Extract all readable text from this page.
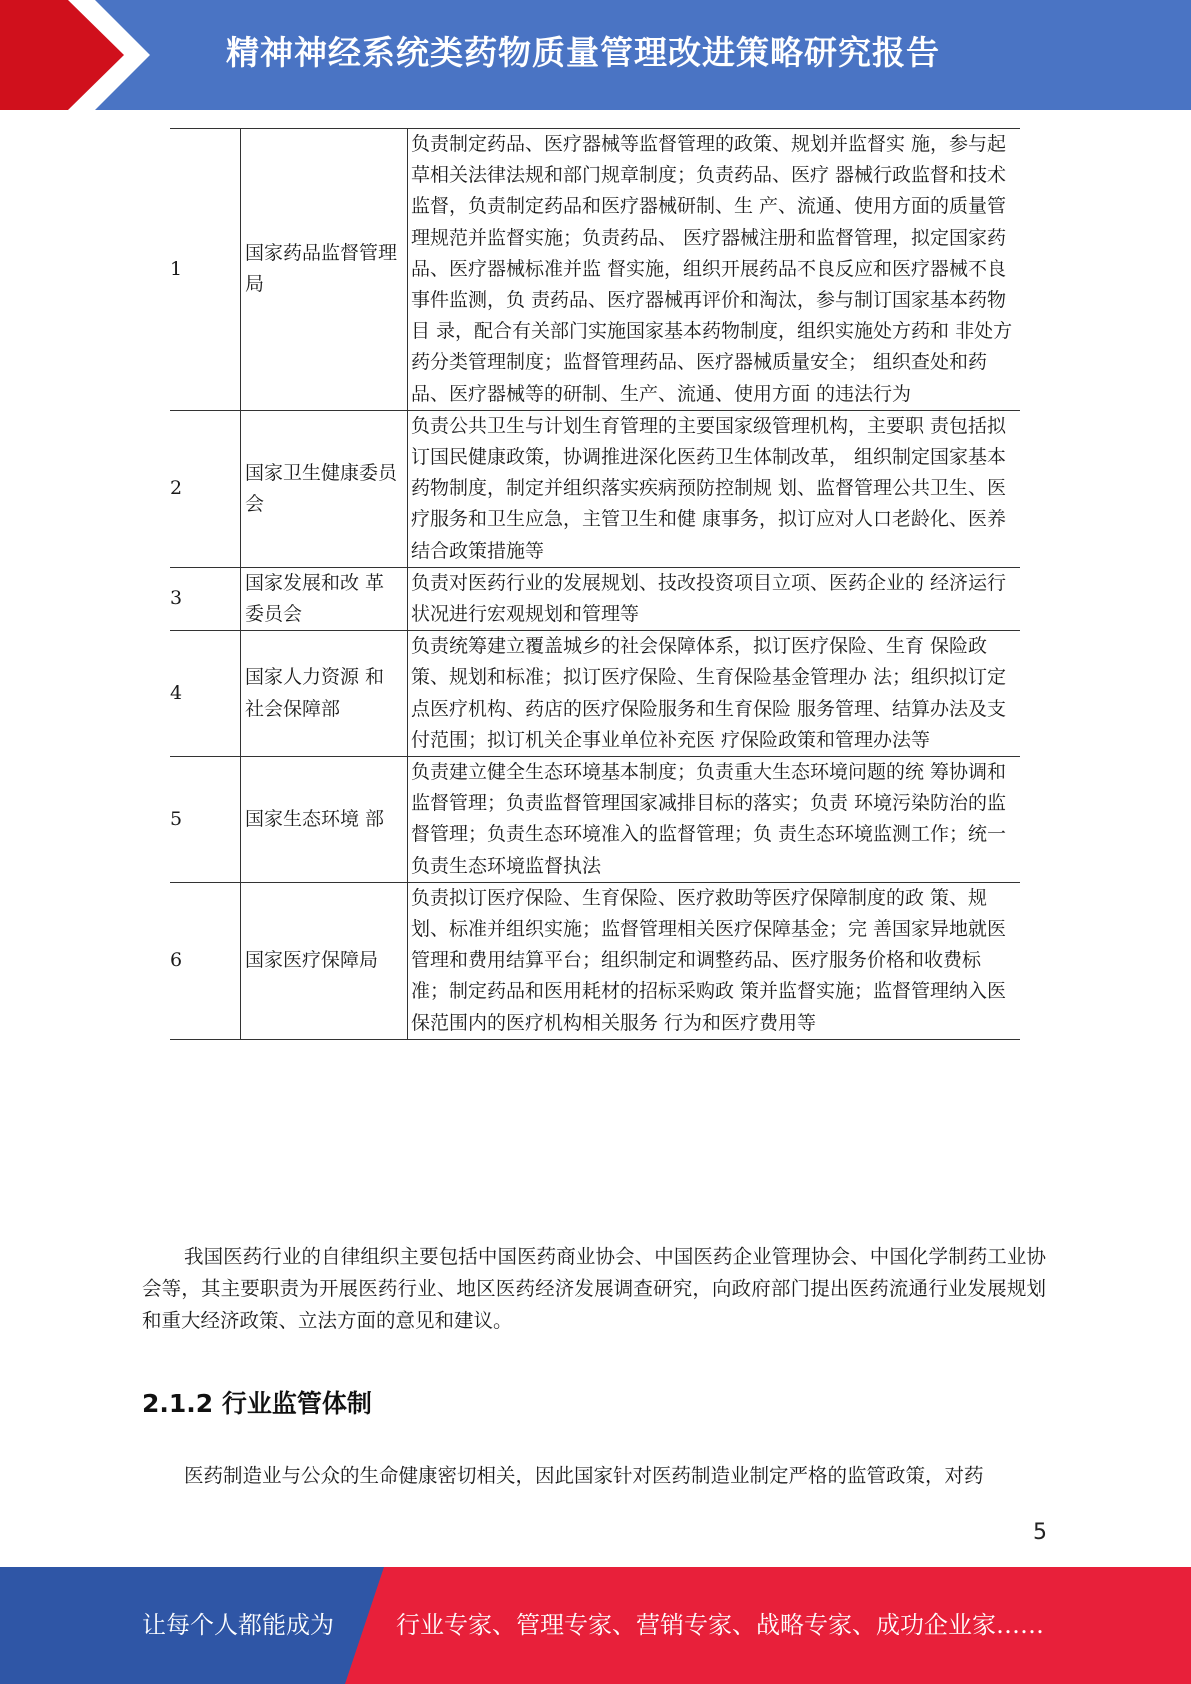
精神神经系统类药物质量管理改进策略研究报告
1	国家药品监督管理局	负责制定药品、医疗器械等监督管理的政策、规划并监督实 施，参与起草相关法律法规和部门规章制度；负责药品、医疗 器械行政监督和技术监督，负责制定药品和医疗器械研制、生 产、流通、使用方面的质量管理规范并监督实施；负责药品、 医疗器械注册和监督管理，拟定国家药品、医疗器械标准并监 督实施，组织开展药品不良反应和医疗器械不良事件监测，负 责药品、医疗器械再评价和淘汰，参与制订国家基本药物目 录，配合有关部门实施国家基本药物制度，组织实施处方药和 非处方药分类管理制度；监督管理药品、医疗器械质量安全； 组织查处和药品、医疗器械等的研制、生产、流通、使用方面 的违法行为
2	国家卫生健康委员会	负责公共卫生与计划生育管理的主要国家级管理机构，主要职 责包括拟订国民健康政策，协调推进深化医药卫生体制改革， 组织制定国家基本药物制度，制定并组织落实疾病预防控制规 划、监督管理公共卫生、医疗服务和卫生应急，主管卫生和健 康事务，拟订应对人口老龄化、医养结合政策措施等
3	国家发展和改 革委员会	负责对医药行业的发展规划、技改投资项目立项、医药企业的 经济运行状况进行宏观规划和管理等
4	国家人力资源 和社会保障部	负责统筹建立覆盖城乡的社会保障体系，拟订医疗保险、生育 保险政策、规划和标准；拟订医疗保险、生育保险基金管理办 法；组织拟订定点医疗机构、药店的医疗保险服务和生育保险 服务管理、结算办法及支付范围；拟订机关企事业单位补充医 疗保险政策和管理办法等
5	国家生态环境 部	负责建立健全生态环境基本制度；负责重大生态环境问题的统 筹协调和监督管理；负责监督管理国家减排目标的落实；负责 环境污染防治的监督管理；负责生态环境准入的监督管理；负 责生态环境监测工作；统一负责生态环境监督执法
6	国家医疗保障局	负责拟订医疗保险、生育保险、医疗救助等医疗保障制度的政 策、规划、标准并组织实施；监督管理相关医疗保障基金；完 善国家异地就医管理和费用结算平台；组织制定和调整药品、医疗服务价格和收费标准；制定药品和医用耗材的招标采购政 策并监督实施；监督管理纳入医保范围内的医疗机构相关服务 行为和医疗费用等

我国医药行业的自律组织主要包括中国医药商业协会、中国医药企业管理协会、中国化学制药工业协会等，其主要职责为开展医药行业、地区医药经济发展调查研究，向政府部门提出医药流通行业发展规划和重大经济政策、立法方面的意见和建议。

2.1.2 行业监管体制

医药制造业与公众的生命健康密切相关，因此国家针对医药制造业制定严格的监管政策，对药

5
让每个人都能成为	行业专家、管理专家、营销专家、战略专家、成功企业家……
